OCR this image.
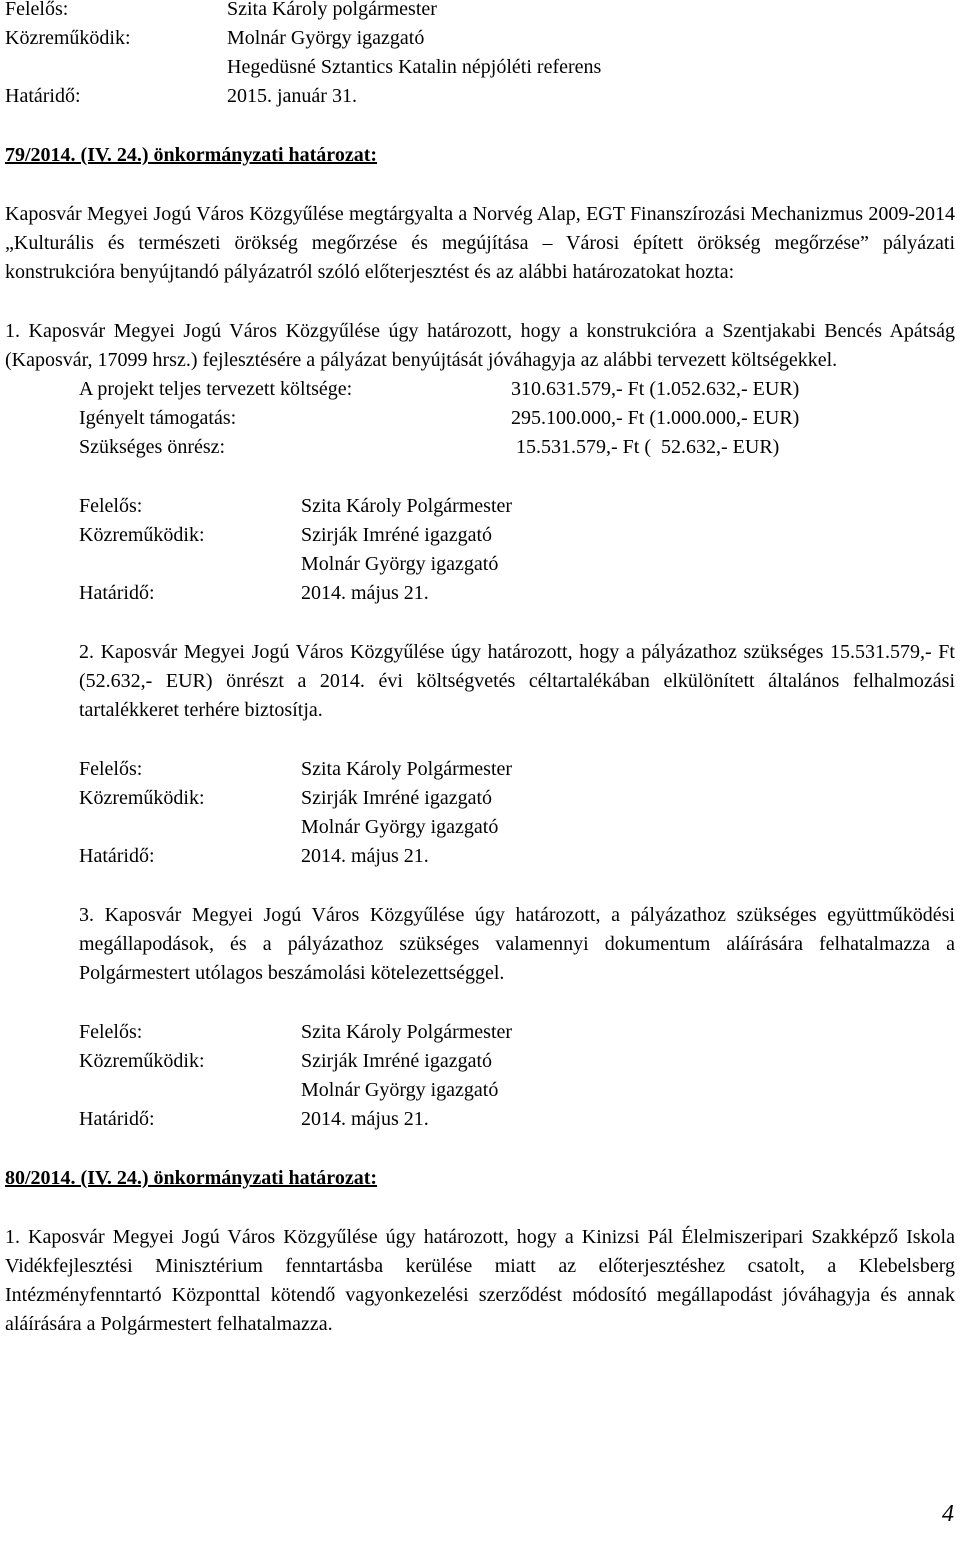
Felelős:	Szita Károly polgármester
Közreműködik:	Molnár György igazgató
Hegedüsné Sztantics Katalin népjóléti referens
Határidő:	2015. január 31.
79/2014. (IV. 24.) önkormányzati határozat:
Kaposvár Megyei Jogú Város Közgyűlése megtárgyalta a Norvég Alap, EGT Finanszírozási Mechanizmus 2009-2014 „Kulturális és természeti örökség megőrzése és megújítása – Városi épített örökség megőrzése” pályázati konstrukcióra benyújtandó pályázatról szóló előterjesztést és az alábbi határozatokat hozta:
1. Kaposvár Megyei Jogú Város Közgyűlése úgy határozott, hogy a konstrukcióra a Szentjakabi Bencés Apátság (Kaposvár, 17099 hrsz.) fejlesztésére a pályázat benyújtását jóváhagyja az alábbi tervezett költségekkel.
A projekt teljes tervezett költsége:	310.631.579,- Ft (1.052.632,- EUR)
Igényelt támogatás:	295.100.000,- Ft (1.000.000,- EUR)
Szükséges önrész:	15.531.579,- Ft (  52.632,- EUR)
Felelős:	Szita Károly Polgármester
Közreműködik:	Szirják Imréné igazgató
Molnár György igazgató
Határidő:	2014. május 21.
2. Kaposvár Megyei Jogú Város Közgyűlése úgy határozott, hogy a pályázathoz szükséges 15.531.579,- Ft (52.632,- EUR) önrészt a 2014. évi költségvetés céltartalékában elkülönített általános felhalmozási tartalékkeret terhére biztosítja.
Felelős:	Szita Károly Polgármester
Közreműködik:	Szirják Imréné igazgató
Molnár György igazgató
Határidő:	2014. május 21.
3. Kaposvár Megyei Jogú Város Közgyűlése úgy határozott, a pályázathoz szükséges együttműködési megállapodások, és a pályázathoz szükséges valamennyi dokumentum aláírására felhatalmazza a Polgármestert utólagos beszámolási kötelezettséggel.
Felelős:	Szita Károly Polgármester
Közreműködik:	Szirják Imréné igazgató
Molnár György igazgató
Határidő:	2014. május 21.
80/2014. (IV. 24.) önkormányzati határozat:
1. Kaposvár Megyei Jogú Város Közgyűlése úgy határozott, hogy a Kinizsi Pál Élelmiszeripari Szakképző Iskola Vidékfejlesztési Minisztérium fenntartásba kerülése miatt az előterjesztéshez csatolt, a Klebelsberg Intézményfenntartó Központtal kötendő vagyonkezelési szerződést módosító megállapodást jóváhagyja és annak aláírására a Polgármestert felhatalmazza.
4
